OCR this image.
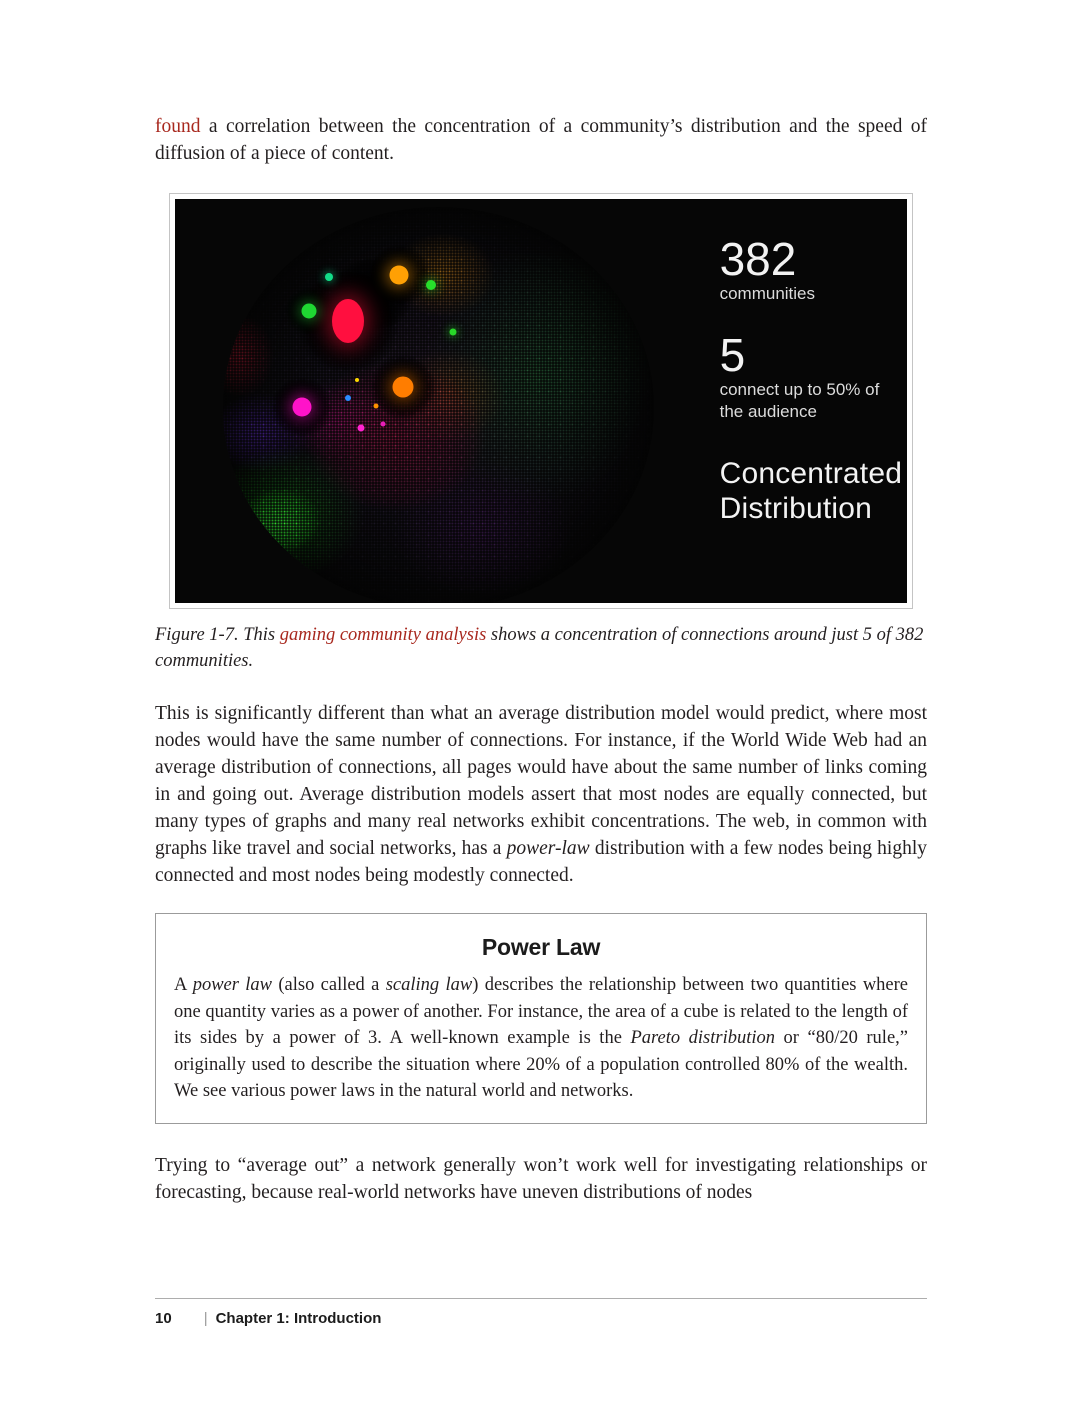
found a correlation between the concentration of a community’s distribution and the speed of diffusion of a piece of content.

382
communities
5
connect up to 50% of the audience
Concentrated
Distribution
Figure 1-7. This gaming community analysis shows a concentration of connections around just 5 of 382 communities.

This is significantly different than what an average distribution model would predict, where most nodes would have the same number of connections. For instance, if the World Wide Web had an average distribution of connections, all pages would have about the same number of links coming in and going out. Average distribution models assert that most nodes are equally connected, but many types of graphs and many real networks exhibit concentrations. The web, in common with graphs like travel and social networks, has a power-law distribution with a few nodes being highly connected and most nodes being modestly connected.

Power Law

A power law (also called a scaling law) describes the relationship between two quantities where one quantity varies as a power of another. For instance, the area of a cube is related to the length of its sides by a power of 3. A well-known example is the Pareto distribution or “80/20 rule,” originally used to describe the situation where 20% of a population controlled 80% of the wealth. We see various power laws in the natural world and networks.

Trying to “average out” a network generally won’t work well for investigating relationships or forecasting, because real-world networks have uneven distributions of nodes

10 | Chapter 1: Introduction
